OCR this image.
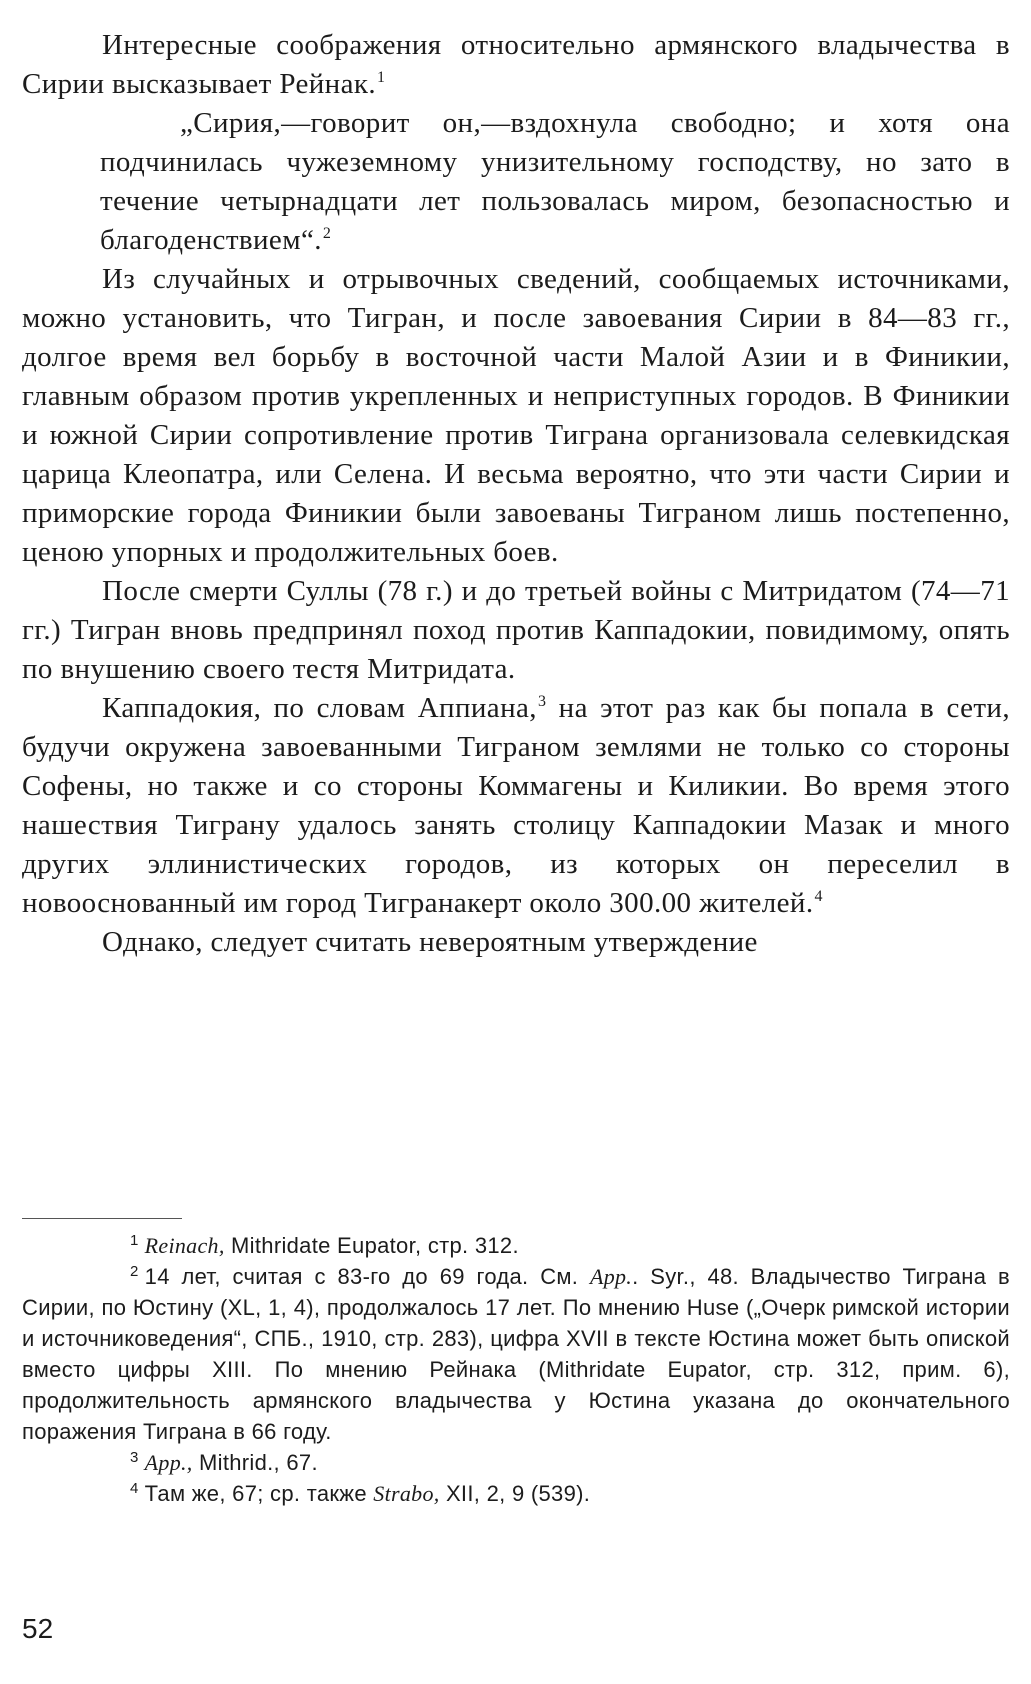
Интересные соображения относительно армянского владычества в Сирии высказывает Рейнак.$^1$

„Сирия,—говорит он,—вздохнула свободно; и хотя она подчинилась чужеземному унизительному господству, но зато в течение четырнадцати лет пользовалась миром, безопасностью и благоденствием“.$^2$

Из случайных и отрывочных сведений, сообщаемых источниками, можно установить, что Тигран, и после завоевания Сирии в 84—83 гг., долгое время вел борьбу в восточной части Малой Азии и в Финикии, главным образом против укрепленных и неприступных городов. В Финикии и южной Сирии сопротивление против Тиграна организовала селевкидская царица Клеопатра, или Селена. И весьма вероятно, что эти части Сирии и приморские города Финикии были завоеваны Тиграном лишь постепенно, ценою упорных и продолжительных боев.

После смерти Суллы (78 г.) и до третьей войны с Митридатом (74—71 гг.) Тигран вновь предпринял поход против Каппадокии, повидимому, опять по внушению своего тестя Митридата.

Каппадокия, по словам Аппиана,$^3$ на этот раз как бы попала в сети, будучи окружена завоеванными Тиграном землями не только со стороны Софены, но также и со стороны Коммагены и Киликии. Во время этого нашествия Тиграну удалось занять столицу Каппадокии Мазак и много других эллинистических городов, из которых он переселил в новооснованный им город Тигранакерт около 300.00 жителей.$^4$

Однако, следует считать невероятным утверждение

$^1$ Reinach, Mithridate Eupator, стр. 312.

$^2$ 14 лет, считая с 83-го до 69 года. См. App.. Syr., 48. Владычество Тиграна в Сирии, по Юстину (XL, 1, 4), продолжалось 17 лет. По мнению Huse („Очерк римской истории и источниковедения“, СПБ., 1910, стр. 283), цифра XVII в тексте Юстина может быть опиской вместо цифры XIII. По мнению Рейнака (Mithridate Eupator, стр. 312, прим. 6), продолжительность армянского владычества у Юстина указана до окончательного поражения Тиграна в 66 году.

$^3$ App., Mithrid., 67.

$^4$ Там же, 67; ср. также Strabo, XII, 2, 9 (539).

52
